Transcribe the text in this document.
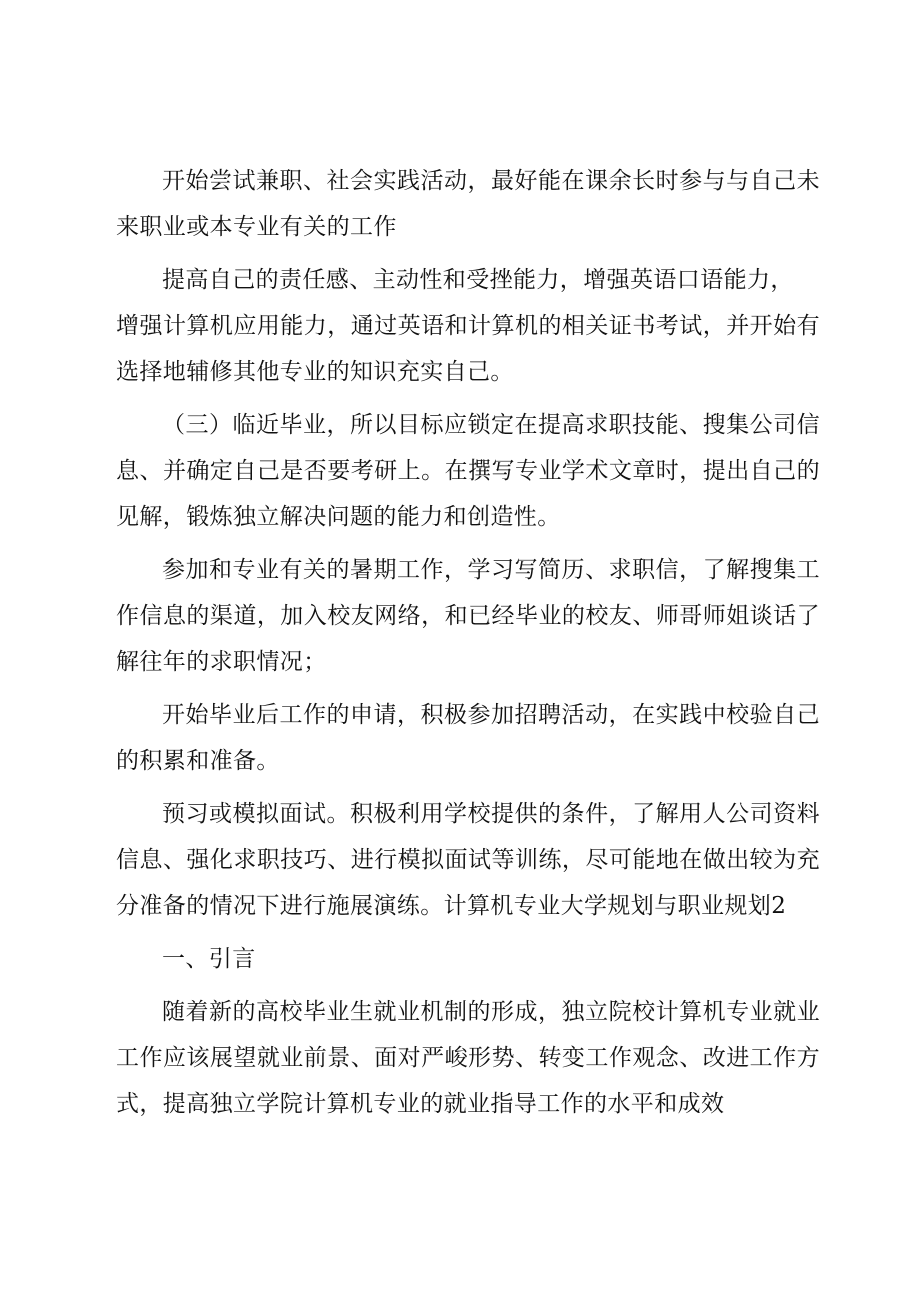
开始尝试兼职、社会实践活动，最好能在课余长时参与与自己未来职业或本专业有关的工作

提高自己的责任感、主动性和受挫能力，增强英语口语能力，

增强计算机应用能力，通过英语和计算机的相关证书考试，并开始有选择地辅修其他专业的知识充实自己。

（三）临近毕业，所以目标应锁定在提高求职技能、搜集公司信息、并确定自己是否要考研上。在撰写专业学术文章时，提出自己的见解，锻炼独立解决问题的能力和创造性。

参加和专业有关的暑期工作，学习写简历、求职信，了解搜集工作信息的渠道，加入校友网络，和已经毕业的校友、师哥师姐谈话了解往年的求职情况；

开始毕业后工作的申请，积极参加招聘活动，在实践中校验自己的积累和准备。

预习或模拟面试。积极利用学校提供的条件，了解用人公司资料信息、强化求职技巧、进行模拟面试等训练，尽可能地在做出较为充分准备的情况下进行施展演练。计算机专业大学规划与职业规划2

一、引言

随着新的高校毕业生就业机制的形成，独立院校计算机专业就业工作应该展望就业前景、面对严峻形势、转变工作观念、改进工作方式，提高独立学院计算机专业的就业指导工作的水平和成效
